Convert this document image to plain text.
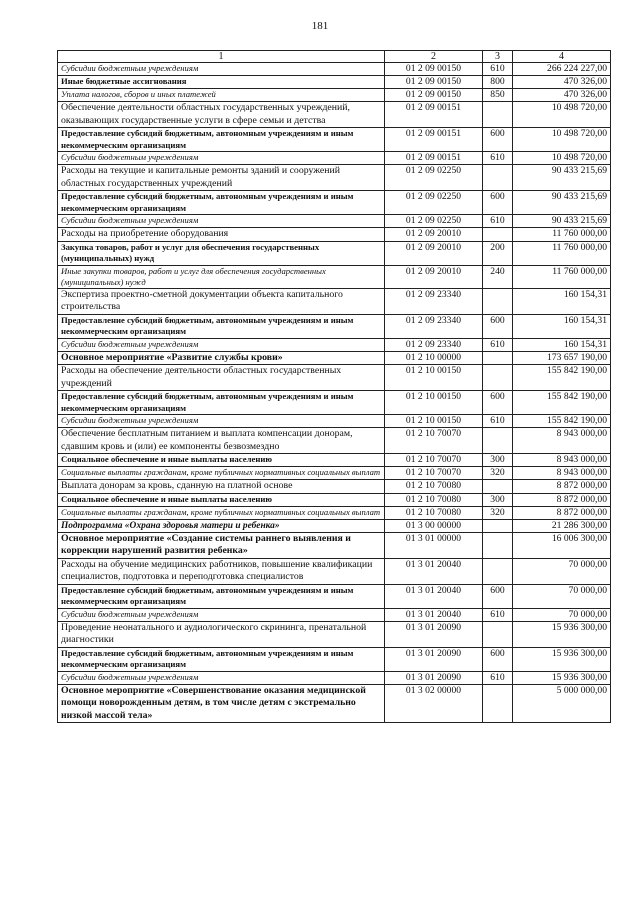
181
1	2	3	4
Субсидии бюджетным учреждениям	01 2 09 00150	610	266 224 227,00
Иные бюджетные ассигнования	01 2 09 00150	800	470 326,00
Уплата налогов, сборов и иных платежей	01 2 09 00150	850	470 326,00
Обеспечение деятельности областных государственных учреждений, оказывающих государственные услуги в сфере семьи и детства	01 2 09 00151		10 498 720,00
Предоставление субсидий бюджетным, автономным учреждениям и иным некоммерческим организациям	01 2 09 00151	600	10 498 720,00
Субсидии бюджетным учреждениям	01 2 09 00151	610	10 498 720,00
Расходы на текущие и капитальные ремонты зданий и сооружений областных государственных учреждений	01 2 09 02250		90 433 215,69
Предоставление субсидий бюджетным, автономным учреждениям и иным некоммерческим организациям	01 2 09 02250	600	90 433 215,69
Субсидии бюджетным учреждениям	01 2 09 02250	610	90 433 215,69
Расходы на приобретение оборудования	01 2 09 20010		11 760 000,00
Закупка товаров, работ и услуг для обеспечения государственных (муниципальных) нужд	01 2 09 20010	200	11 760 000,00
Иные закупки товаров, работ и услуг для обеспечения государственных (муниципальных) нужд	01 2 09 20010	240	11 760 000,00
Экспертиза проектно-сметной документации объекта капитального строительства	01 2 09 23340		160 154,31
Предоставление субсидий бюджетным, автономным учреждениям и иным некоммерческим организациям	01 2 09 23340	600	160 154,31
Субсидии бюджетным учреждениям	01 2 09 23340	610	160 154,31
Основное мероприятие «Развитие службы крови»	01 2 10 00000		173 657 190,00
Расходы на обеспечение деятельности областных государственных учреждений	01 2 10 00150		155 842 190,00
Предоставление субсидий бюджетным, автономным учреждениям и иным некоммерческим организациям	01 2 10 00150	600	155 842 190,00
Субсидии бюджетным учреждениям	01 2 10 00150	610	155 842 190,00
Обеспечение бесплатным питанием и выплата компенсации донорам, сдавшим кровь и (или) ее компоненты безвозмездно	01 2 10 70070		8 943 000,00
Социальное обеспечение и иные выплаты населению	01 2 10 70070	300	8 943 000,00
Социальные выплаты гражданам, кроме публичных нормативных социальных выплат	01 2 10 70070	320	8 943 000,00
Выплата донорам за кровь, сданную на платной основе	01 2 10 70080		8 872 000,00
Социальное обеспечение и иные выплаты населению	01 2 10 70080	300	8 872 000,00
Социальные выплаты гражданам, кроме публичных нормативных социальных выплат	01 2 10 70080	320	8 872 000,00
Подпрограмма «Охрана здоровья матери и ребенка»	01 3 00 00000		21 286 300,00
Основное мероприятие «Создание системы раннего выявления и коррекции нарушений развития ребенка»	01 3 01 00000		16 006 300,00
Расходы на обучение медицинских работников, повышение квалификации специалистов, подготовка и переподготовка специалистов	01 3 01 20040		70 000,00
Предоставление субсидий бюджетным, автономным учреждениям и иным некоммерческим организациям	01 3 01 20040	600	70 000,00
Субсидии бюджетным учреждениям	01 3 01 20040	610	70 000,00
Проведение неонатального и аудиологического скрининга, пренатальной диагностики	01 3 01 20090		15 936 300,00
Предоставление субсидий бюджетным, автономным учреждениям и иным некоммерческим организациям	01 3 01 20090	600	15 936 300,00
Субсидии бюджетным учреждениям	01 3 01 20090	610	15 936 300,00
Основное мероприятие «Совершенствование оказания медицинской помощи новорожденным детям, в том числе детям с экстремально низкой массой тела»	01 3 02 00000		5 000 000,00
